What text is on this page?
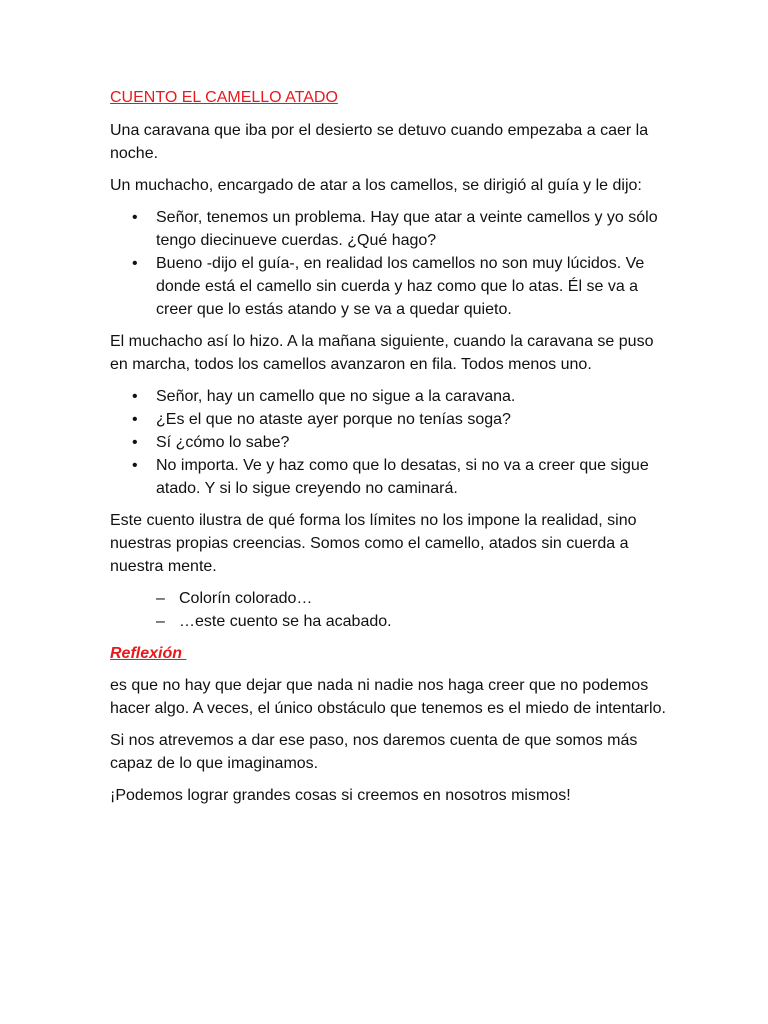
CUENTO EL CAMELLO ATADO

Una caravana que iba por el desierto se detuvo cuando empezaba a caer la noche.

Un muchacho, encargado de atar a los camellos, se dirigió al guía y le dijo:

• Señor, tenemos un problema. Hay que atar a veinte camellos y yo sólo tengo diecinueve cuerdas. ¿Qué hago?
• Bueno -dijo el guía-, en realidad los camellos no son muy lúcidos. Ve donde está el camello sin cuerda y haz como que lo atas. Él se va a creer que lo estás atando y se va a quedar quieto.

El muchacho así lo hizo. A la mañana siguiente, cuando la caravana se puso en marcha, todos los camellos avanzaron en fila. Todos menos uno.

• Señor, hay un camello que no sigue a la caravana.
• ¿Es el que no ataste ayer porque no tenías soga?
• Sí ¿cómo lo sabe?
• No importa. Ve y haz como que lo desatas, si no va a creer que sigue atado. Y si lo sigue creyendo no caminará.

Este cuento ilustra de qué forma los límites no los impone la realidad, sino nuestras propias creencias. Somos como el camello, atados sin cuerda a nuestra mente.

– Colorín colorado…
– …este cuento se ha acabado.
Reflexión

es que no hay que dejar que nada ni nadie nos haga creer que no podemos hacer algo. A veces, el único obstáculo que tenemos es el miedo de intentarlo.

Si nos atrevemos a dar ese paso, nos daremos cuenta de que somos más capaz de lo que imaginamos.

¡Podemos lograr grandes cosas si creemos en nosotros mismos!
